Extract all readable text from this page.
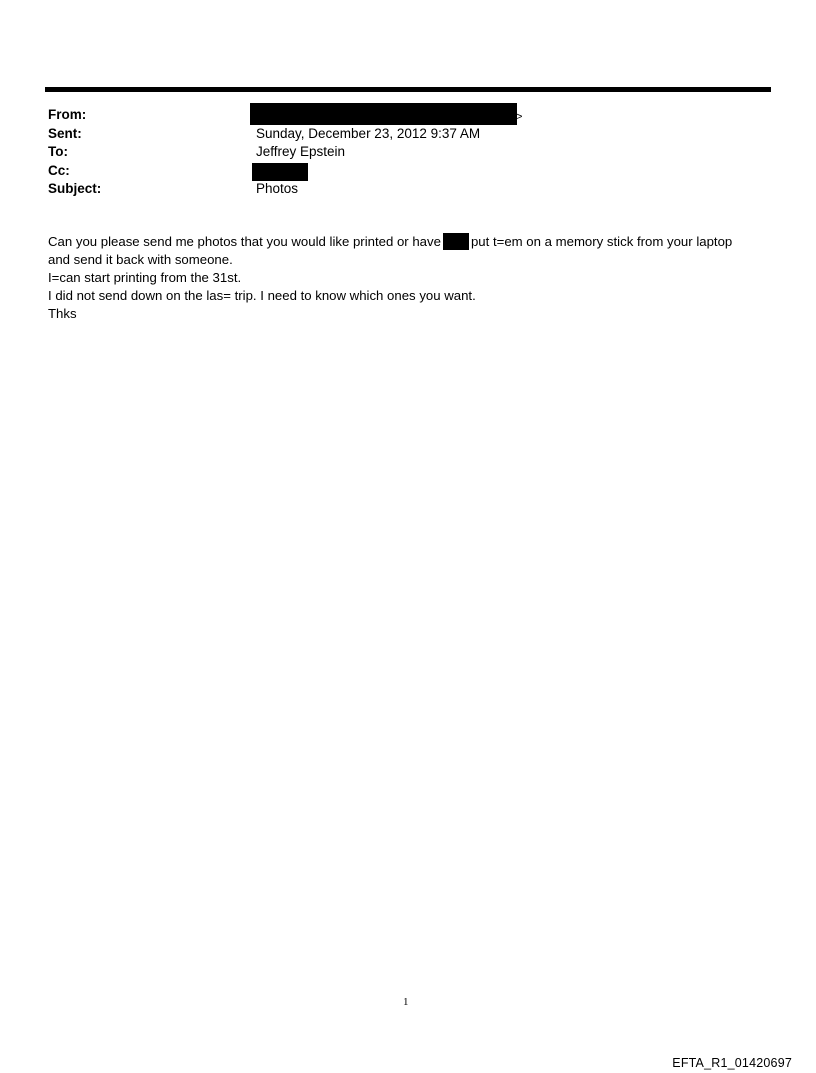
From:	>
Sent:	Sunday, December 23, 2012 9:37 AM
To:	Jeffrey Epstein
Cc:
Subject:	Photos
Can you please send me photos that you would like printed or have put t=em on a memory stick from your laptop
and send it back with someone.
I=can start printing from the 31st.
I did not send down on the las= trip. I need to know which ones you want.
Thks
1
EFTA_R1_01420697
